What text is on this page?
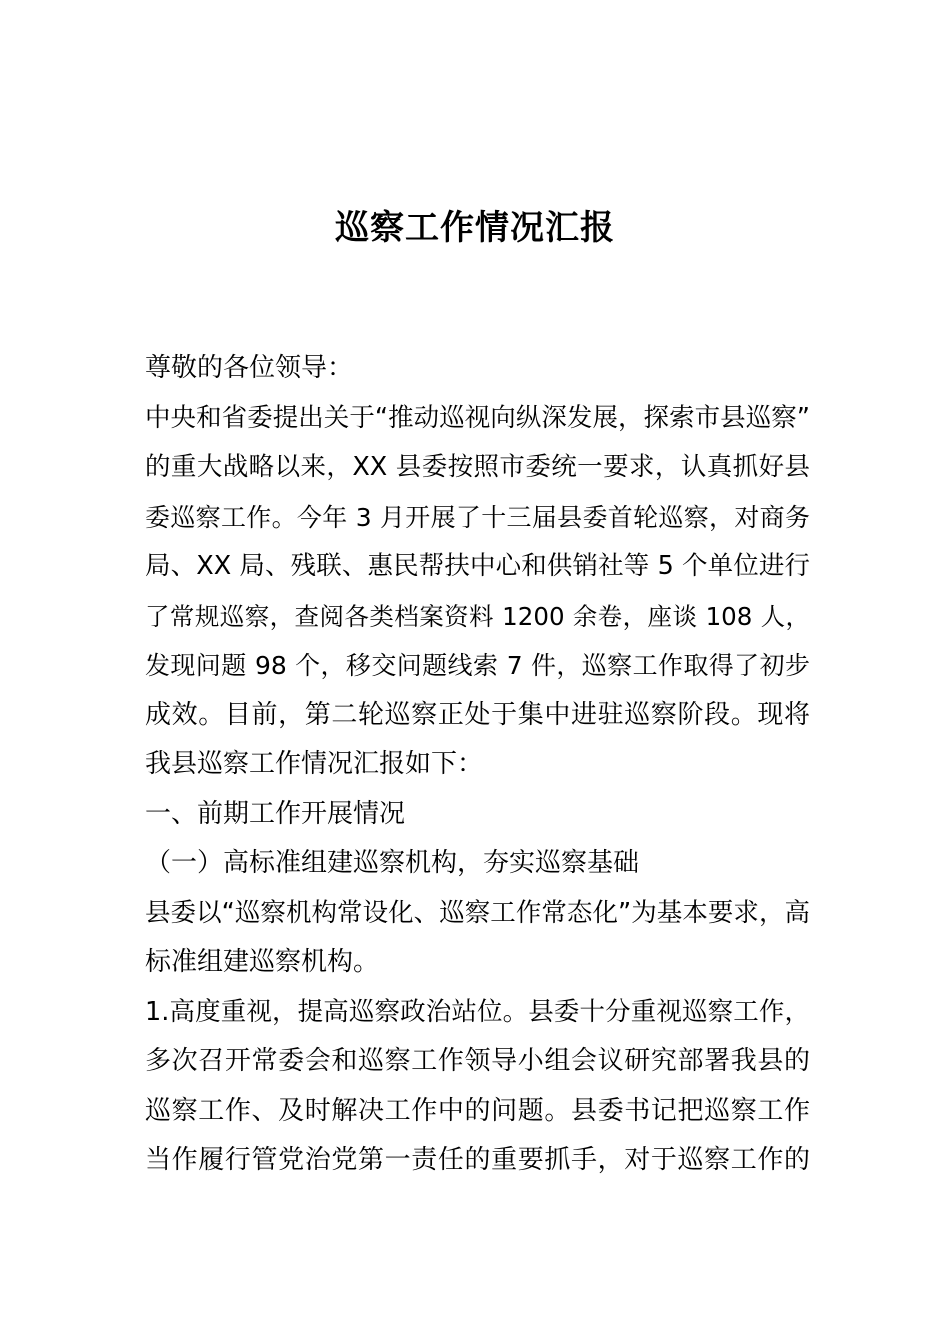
巡察工作情况汇报
尊敬的各位领导：
中央和省委提出关于“推动巡视向纵深发展，探索市县巡察”
的重大战略以来，XX 县委按照市委统一要求，认真抓好县
委巡察工作。今年 3 月开展了十三届县委首轮巡察，对商务
局、XX 局、残联、惠民帮扶中心和供销社等 5 个单位进行
了常规巡察，查阅各类档案资料 1200 余卷，座谈 108 人，
发现问题 98 个，移交问题线索 7 件，巡察工作取得了初步
成效。目前，第二轮巡察正处于集中进驻巡察阶段。现将
我县巡察工作情况汇报如下：
一、前期工作开展情况
（一）高标准组建巡察机构，夯实巡察基础
县委以“巡察机构常设化、巡察工作常态化”为基本要求，高
标准组建巡察机构。
1.高度重视，提高巡察政治站位。县委十分重视巡察工作，
多次召开常委会和巡察工作领导小组会议研究部署我县的
巡察工作、及时解决工作中的问题。县委书记把巡察工作
当作履行管党治党第一责任的重要抓手，对于巡察工作的
